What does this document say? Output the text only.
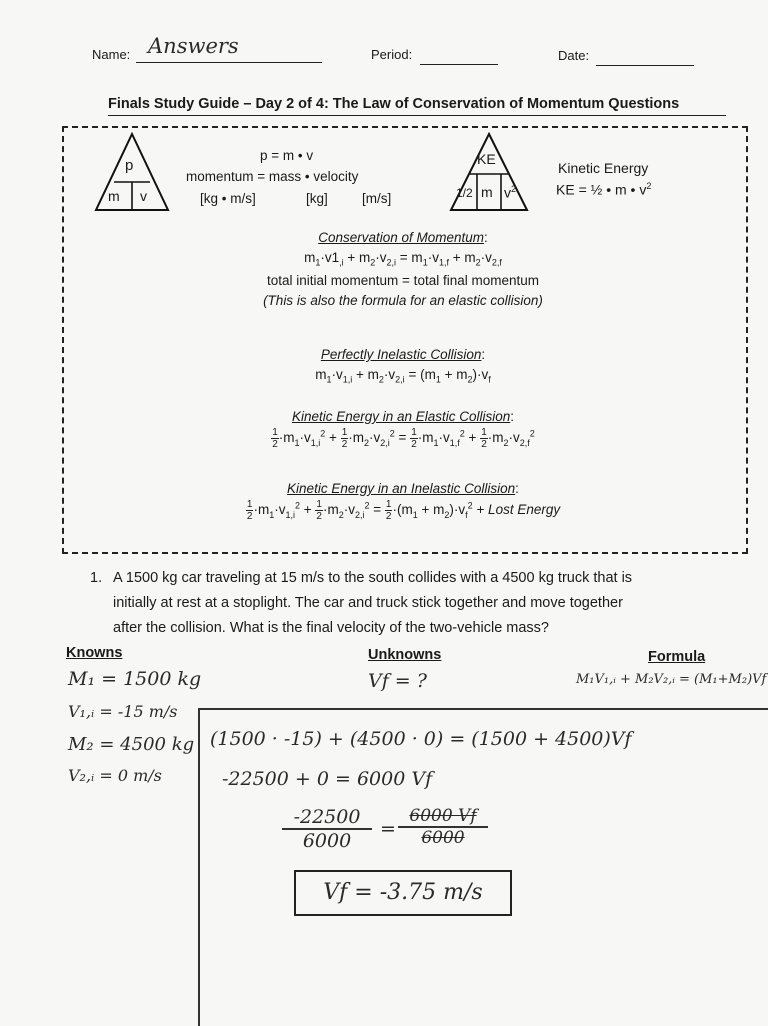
Name: Answers	Period:	Date:
Finals Study Guide – Day 2 of 4: The Law of Conservation of Momentum Questions
p
m v
p = m • v
momentum = mass • velocity
[kg • m/s]	[kg]	[m/s]
KE
1/2 m $v^2$
Kinetic Energy
KE = ½ • m • $v^2$
Conservation of Momentum:
$m_1\cdot v1_{,i} + m_2\cdot v_{2,i} = m_1\cdot v_{1,f} + m_2\cdot v_{2,f}$
total initial momentum = total final momentum
(This is also the formula for an elastic collision)
Perfectly Inelastic Collision:
$m_1\cdot v_{1,i} + m_2\cdot v_{2,i} = (m_1 + m_2)\cdot v_f$
Kinetic Energy in an Elastic Collision:
$\frac{1}{2} \cdot m_1\cdot v_{1,i}^2 + \frac{1}{2} \cdot m_2\cdot v_{2,i}^2 = \frac{1}{2} \cdot m_1\cdot v_{1,f}^2 + \frac{1}{2} \cdot m_2\cdot v_{2,f}^2$
Kinetic Energy in an Inelastic Collision:
$\frac{1}{2} \cdot m_1\cdot v_{1,i}^2 + \frac{1}{2} \cdot m_2\cdot v_{2,i}^2 = \frac{1}{2} \cdot(m_1 + m_2)\cdot v_f^2$ + Lost Energy
1. A 1500 kg car traveling at 15 m/s to the south collides with a 4500 kg truck that is
initially at rest at a stoplight. The car and truck stick together and move together
after the collision. What is the final velocity of the two-vehicle mass?
Knowns	Unknowns	Formula
M₁ = 1500 kg
V₁,ᵢ = -15 m/s
M₂ = 4500 kg
V₂,ᵢ = 0 m/s
Vf = ?	M₁V₁,ᵢ + M₂V₂,ᵢ = (M₁+M₂)Vf
(1500 · -15) + (4500 · 0) = (1500 + 4500)Vf
-22500 + 0 = 6000 Vf
-22500
6000
=
6000 Vf
6000
Vf = -3.75 m/s
